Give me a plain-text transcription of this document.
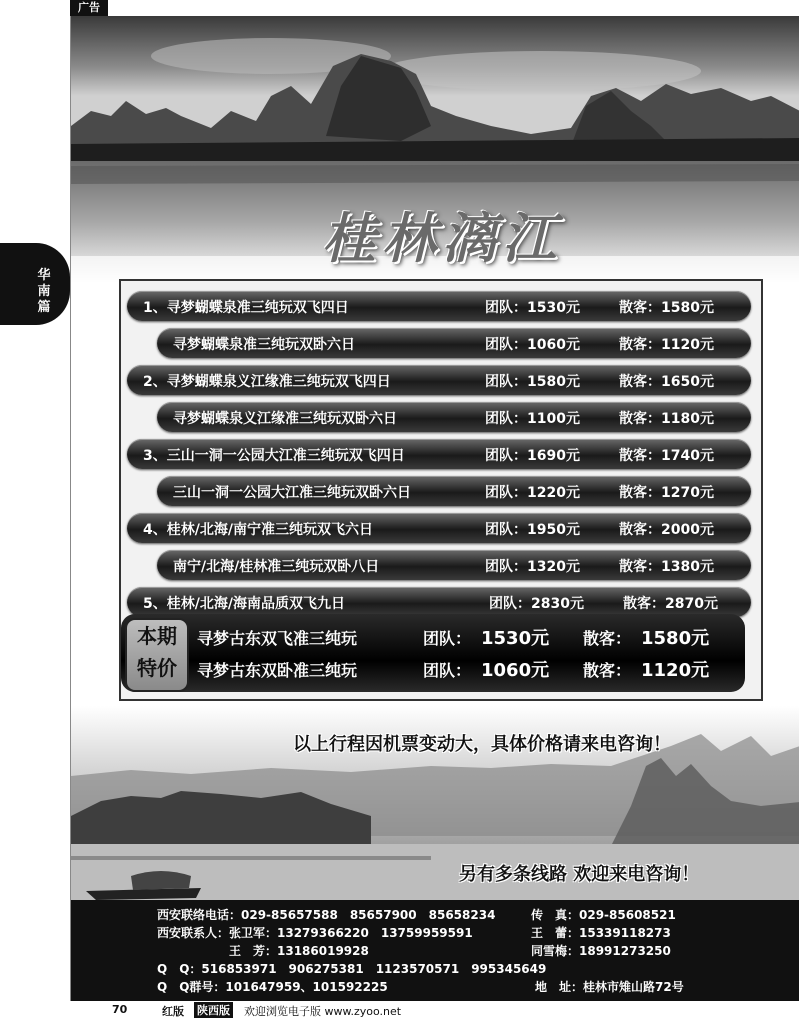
广告
华
南
篇
桂林漓江
1、寻梦蝴蝶泉准三纯玩双飞四日	团队：1530元	散客：1580元
寻梦蝴蝶泉准三纯玩双卧六日	团队：1060元	散客：1120元
2、寻梦蝴蝶泉义江缘准三纯玩双飞四日	团队：1580元	散客：1650元
寻梦蝴蝶泉义江缘准三纯玩双卧六日	团队：1100元	散客：1180元
3、三山一洞一公园大江准三纯玩双飞四日	团队：1690元	散客：1740元
三山一洞一公园大江准三纯玩双卧六日	团队：1220元	散客：1270元
4、桂林/北海/南宁准三纯玩双飞六日	团队：1950元	散客：2000元
南宁/北海/桂林准三纯玩双卧八日	团队：1320元	散客：1380元
5、桂林/北海/海南品质双飞九日	团队：2830元	散客：2870元
本期
特价
寻梦古东双飞准三纯玩	团队： 1530元 散客： 1580元
寻梦古东双卧准三纯玩	团队： 1060元 散客： 1120元
以上行程因机票变动大，具体价格请来电咨询！
另有多条线路 欢迎来电咨询！
西安联络电话：029-85657588　85657900　85658234	传　真：029-85608521
西安联系人：张卫军：13279366220　13759959591	王　蕾：15339118273
王　芳：13186019928	同雪梅：18991273250
Q　Q：516853971　906275381　1123570571　995345649
Q　Q群号：101647959、101592225	地　址：桂林市雉山路72号
70	红版 陕西版 欢迎浏览电子版 www.zyoo.net
